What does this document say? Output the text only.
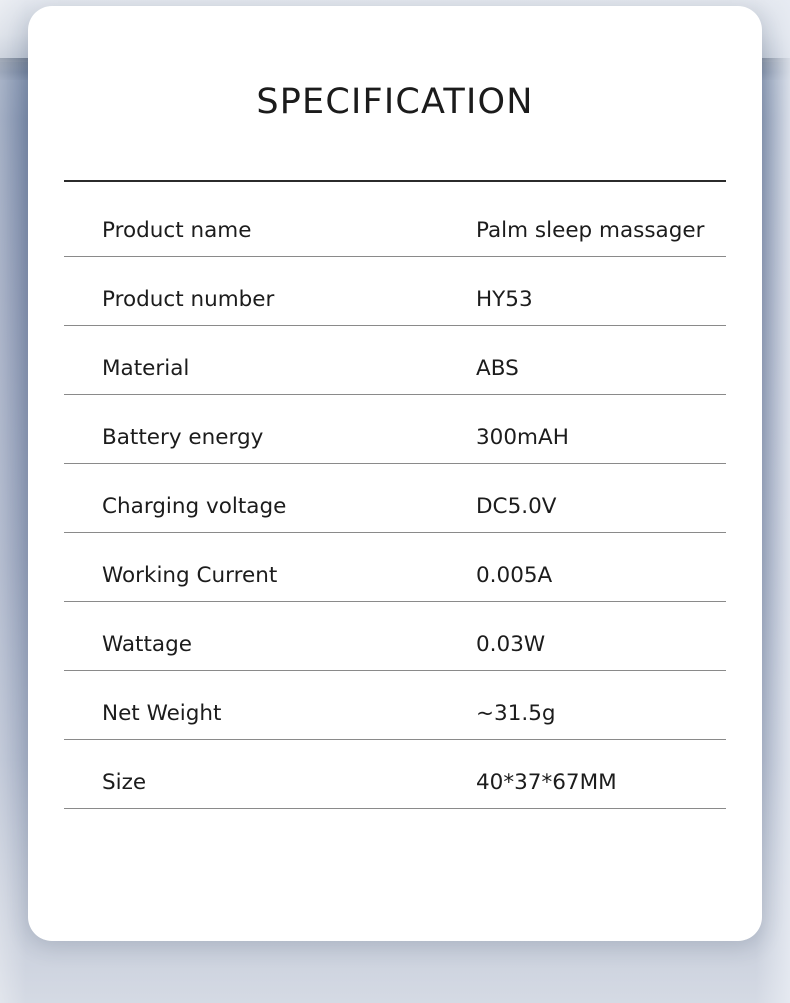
SPECIFICATION
Product name	Palm sleep massager
Product number	HY53
Material	ABS
Battery energy	300mAH
Charging voltage	DC5.0V
Working Current	0.005A
Wattage	0.03W
Net Weight	~31.5g
Size	40*37*67MM
